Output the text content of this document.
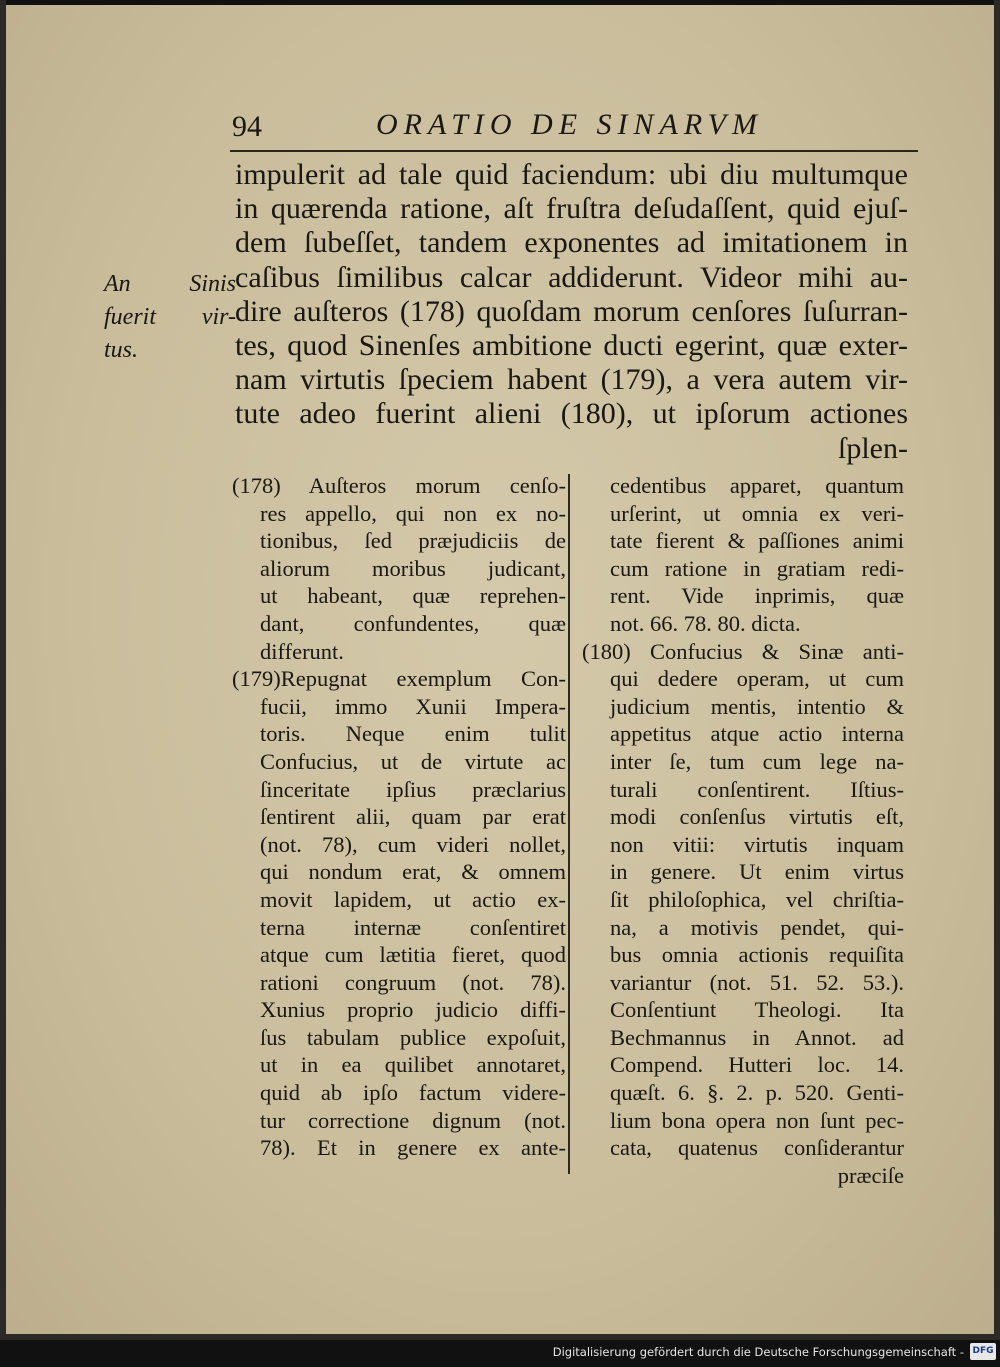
94	ORATIO DE SINARVM
An Sinis
fuerit vir-
tus.
impulerit ad tale quid faciendum: ubi diu multumque
in quærenda ratione, aſt fruſtra deſudaſſent, quid ejuſ-
dem ſubeſſet, tandem exponentes ad imitationem in
caſibus ſimilibus calcar addiderunt. Videor mihi au-
dire auſteros (178) quoſdam morum cenſores ſuſurran-
tes, quod Sinenſes ambitione ducti egerint, quæ exter-
nam virtutis ſpeciem habent (179), a vera autem vir-
tute adeo fuerint alieni (180), ut ipſorum actiones
ſplen-
(178) Auſteros morum cenſo-
res appello, qui non ex no-
tionibus, ſed præjudiciis de
aliorum moribus judicant,
ut habeant, quæ reprehen-
dant, confundentes, quæ
differunt.
(179)Repugnat exemplum Con-
fucii, immo Xunii Impera-
toris. Neque enim tulit
Confucius, ut de virtute ac
ſinceritate ipſius præclarius
ſentirent alii, quam par erat
(not. 78), cum videri nollet,
qui nondum erat, & omnem
movit lapidem, ut actio ex-
terna internæ conſentiret
atque cum lætitia fieret, quod
rationi congruum (not. 78).
Xunius proprio judicio diffi-
ſus tabulam publice expoſuit,
ut in ea quilibet annotaret,
quid ab ipſo factum videre-
tur correctione dignum (not.
78). Et in genere ex ante-
cedentibus apparet, quantum
urſerint, ut omnia ex veri-
tate fierent & paſſiones animi
cum ratione in gratiam redi-
rent. Vide inprimis, quæ
not. 66. 78. 80. dicta.
(180) Confucius & Sinæ anti-
qui dedere operam, ut cum
judicium mentis, intentio &
appetitus atque actio interna
inter ſe, tum cum lege na-
turali conſentirent. Iſtius-
modi conſenſus virtutis eſt,
non vitii: virtutis inquam
in genere. Ut enim virtus
ſit philoſophica, vel chriſtia-
na, a motivis pendet, qui-
bus omnia actionis requiſita
variantur (not. 51. 52. 53.).
Conſentiunt Theologi. Ita
Bechmannus in Annot. ad
Compend. Hutteri loc. 14.
quæſt. 6. §. 2. p. 520. Genti-
lium bona opera non ſunt pec-
cata, quatenus conſiderantur
præciſe
Digitalisierung gefördert durch die Deutsche Forschungsgemeinschaft - DFG
